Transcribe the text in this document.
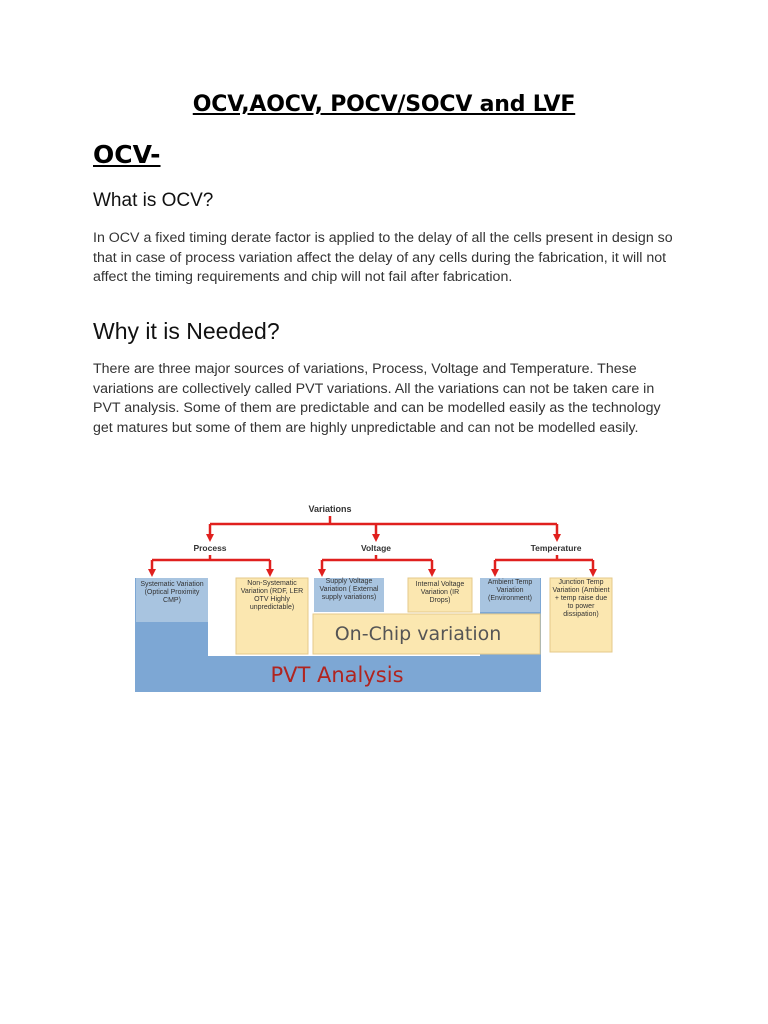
OCV,AOCV, POCV/SOCV and LVF
OCV-
What is OCV?

In OCV a fixed timing derate factor is applied to the delay of all the cells present in design so that in case of process variation affect the delay of any cells during the fabrication, it will not affect the timing requirements and chip will not fail after fabrication.

Why it is Needed?

There are three major sources of variations, Process, Voltage and Temperature. These variations are collectively called PVT variations. All the variations can not be taken care in PVT analysis. Some of them are predictable and can be modelled easily as the technology get matures but some of them are highly unpredictable and can not be modelled easily.

Variations
Process	Voltage	Temperature
On-Chip variation
PVT Analysis
Systematic Variation (Optical Proximity CMP)
Non-Systematic Variation (RDF, LER OTV Highly unpredictable)
Supply Voltage Variation ( External supply variations)
Internal Voltage Variation (IR Drops)
Ambient Temp Variation (Environment)
Junction Temp Variation (Ambient + temp raise due to power dissipation)
